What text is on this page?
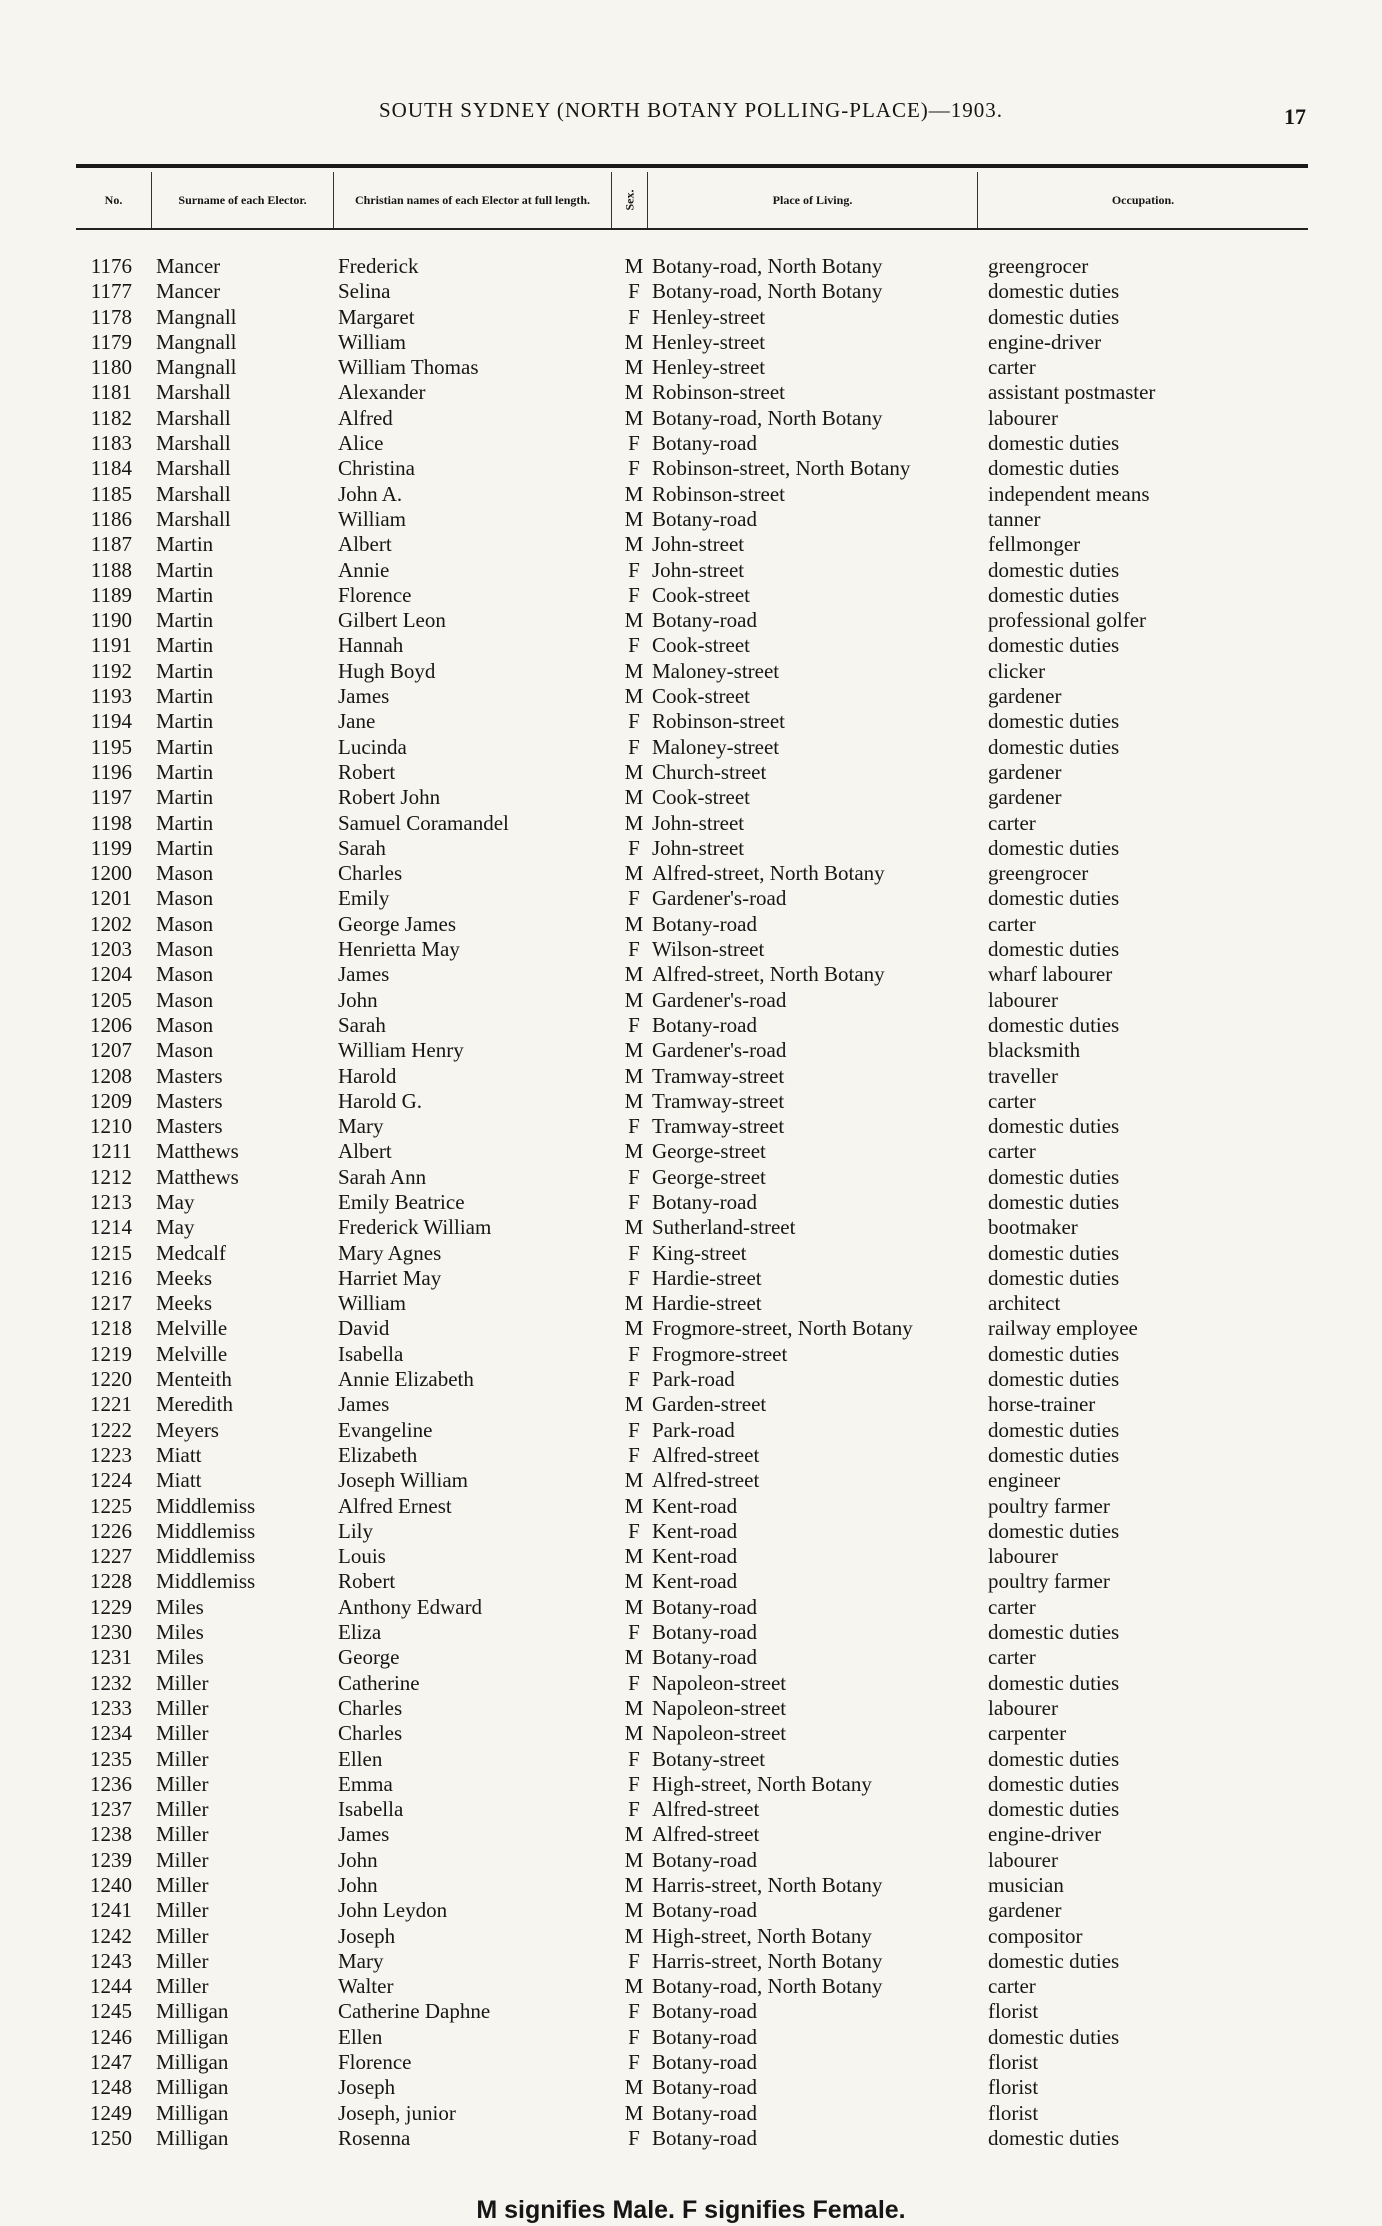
SOUTH SYDNEY (NORTH BOTANY POLLING-PLACE)—1903.	17
No.	Surname of each Elector.	Christian names of each Elector at full length.	Sex.	Place of Living.	Occupation.
1176 Mancer	Frederick	M Botany-road, North Botany	greengrocer
1177 Mancer	Selina	F Botany-road, North Botany	domestic duties
1178 Mangnall	Margaret	F Henley-street	domestic duties
1179 Mangnall	William	M Henley-street	engine-driver
1180 Mangnall	William Thomas	M Henley-street	carter
1181 Marshall	Alexander	M Robinson-street	assistant postmaster
1182 Marshall	Alfred	M Botany-road, North Botany	labourer
1183 Marshall	Alice	F Botany-road	domestic duties
1184 Marshall	Christina	F Robinson-street, North Botany	domestic duties
1185 Marshall	John A.	M Robinson-street	independent means
1186 Marshall	William	M Botany-road	tanner
1187 Martin	Albert	M John-street	fellmonger
1188 Martin	Annie	F John-street	domestic duties
1189 Martin	Florence	F Cook-street	domestic duties
1190 Martin	Gilbert Leon	M Botany-road	professional golfer
1191 Martin	Hannah	F Cook-street	domestic duties
1192 Martin	Hugh Boyd	M Maloney-street	clicker
1193 Martin	James	M Cook-street	gardener
1194 Martin	Jane	F Robinson-street	domestic duties
1195 Martin	Lucinda	F Maloney-street	domestic duties
1196 Martin	Robert	M Church-street	gardener
1197 Martin	Robert John	M Cook-street	gardener
1198 Martin	Samuel Coramandel	M John-street	carter
1199 Martin	Sarah	F John-street	domestic duties
1200 Mason	Charles	M Alfred-street, North Botany	greengrocer
1201 Mason	Emily	F Gardener's-road	domestic duties
1202 Mason	George James	M Botany-road	carter
1203 Mason	Henrietta May	F Wilson-street	domestic duties
1204 Mason	James	M Alfred-street, North Botany	wharf labourer
1205 Mason	John	M Gardener's-road	labourer
1206 Mason	Sarah	F Botany-road	domestic duties
1207 Mason	William Henry	M Gardener's-road	blacksmith
1208 Masters	Harold	M Tramway-street	traveller
1209 Masters	Harold G.	M Tramway-street	carter
1210 Masters	Mary	F Tramway-street	domestic duties
1211 Matthews	Albert	M George-street	carter
1212 Matthews	Sarah Ann	F George-street	domestic duties
1213 May	Emily Beatrice	F Botany-road	domestic duties
1214 May	Frederick William	M Sutherland-street	bootmaker
1215 Medcalf	Mary Agnes	F King-street	domestic duties
1216 Meeks	Harriet May	F Hardie-street	domestic duties
1217 Meeks	William	M Hardie-street	architect
1218 Melville	David	M Frogmore-street, North Botany	railway employee
1219 Melville	Isabella	F Frogmore-street	domestic duties
1220 Menteith	Annie Elizabeth	F Park-road	domestic duties
1221 Meredith	James	M Garden-street	horse-trainer
1222 Meyers	Evangeline	F Park-road	domestic duties
1223 Miatt	Elizabeth	F Alfred-street	domestic duties
1224 Miatt	Joseph William	M Alfred-street	engineer
1225 Middlemiss	Alfred Ernest	M Kent-road	poultry farmer
1226 Middlemiss	Lily	F Kent-road	domestic duties
1227 Middlemiss	Louis	M Kent-road	labourer
1228 Middlemiss	Robert	M Kent-road	poultry farmer
1229 Miles	Anthony Edward	M Botany-road	carter
1230 Miles	Eliza	F Botany-road	domestic duties
1231 Miles	George	M Botany-road	carter
1232 Miller	Catherine	F Napoleon-street	domestic duties
1233 Miller	Charles	M Napoleon-street	labourer
1234 Miller	Charles	M Napoleon-street	carpenter
1235 Miller	Ellen	F Botany-street	domestic duties
1236 Miller	Emma	F High-street, North Botany	domestic duties
1237 Miller	Isabella	F Alfred-street	domestic duties
1238 Miller	James	M Alfred-street	engine-driver
1239 Miller	John	M Botany-road	labourer
1240 Miller	John	M Harris-street, North Botany	musician
1241 Miller	John Leydon	M Botany-road	gardener
1242 Miller	Joseph	M High-street, North Botany	compositor
1243 Miller	Mary	F Harris-street, North Botany	domestic duties
1244 Miller	Walter	M Botany-road, North Botany	carter
1245 Milligan	Catherine Daphne	F Botany-road	florist
1246 Milligan	Ellen	F Botany-road	domestic duties
1247 Milligan	Florence	F Botany-road	florist
1248 Milligan	Joseph	M Botany-road	florist
1249 Milligan	Joseph, junior	M Botany-road	florist
1250 Milligan	Rosenna	F Botany-road	domestic duties
M signifies Male. F signifies Female.
